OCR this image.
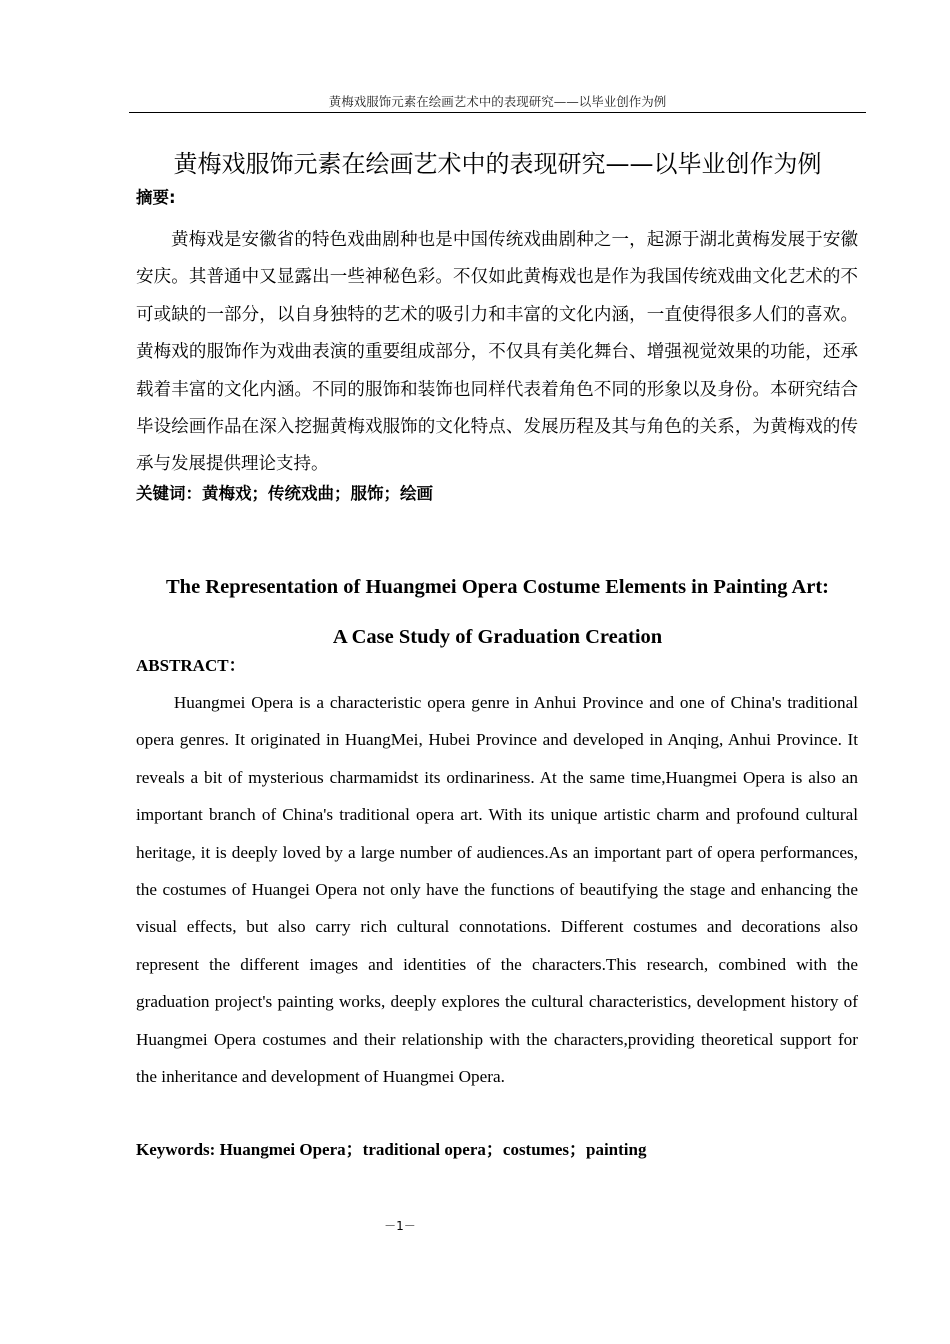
黄梅戏服饰元素在绘画艺术中的表现研究——以毕业创作为例
黄梅戏服饰元素在绘画艺术中的表现研究——以毕业创作为例
摘要:
黄梅戏是安徽省的特色戏曲剧种也是中国传统戏曲剧种之一，起源于湖北黄梅发展于安徽安庆。其普通中又显露出一些神秘色彩。不仅如此黄梅戏也是作为我国传统戏曲文化艺术的不可或缺的一部分，以自身独特的艺术的吸引力和丰富的文化内涵，一直使得很多人们的喜欢。黄梅戏的服饰作为戏曲表演的重要组成部分，不仅具有美化舞台、增强视觉效果的功能，还承载着丰富的文化内涵。不同的服饰和装饰也同样代表着角色不同的形象以及身份。本研究结合毕设绘画作品在深入挖掘黄梅戏服饰的文化特点、发展历程及其与角色的关系，为黄梅戏的传承与发展提供理论支持。
关键词：黄梅戏；传统戏曲；服饰；绘画
The Representation of Huangmei Opera Costume Elements in Painting Art:
A Case Study of Graduation Creation
ABSTRACT：
Huangmei Opera is a characteristic opera genre in Anhui Province and one of China's traditional opera genres. It originated in HuangMei, Hubei Province and developed in Anqing, Anhui Province. It reveals a bit of mysterious charmamidst its ordinariness. At the same time,Huangmei Opera is also an important branch of China's traditional opera art. With its unique artistic charm and profound cultural heritage, it is deeply loved by a large number of audiences.As an important part of opera performances, the costumes of Huangei Opera not only have the functions of beautifying the stage and enhancing the visual effects, but also carry rich cultural connotations. Different costumes and decorations also represent the different images and identities of the characters.This research, combined with the graduation project's painting works, deeply explores the cultural characteristics, development history of Huangmei Opera costumes and their relationship with the characters,providing theoretical support for the inheritance and development of Huangmei Opera.
Keywords: Huangmei Opera；traditional opera；costumes；painting
－1－
